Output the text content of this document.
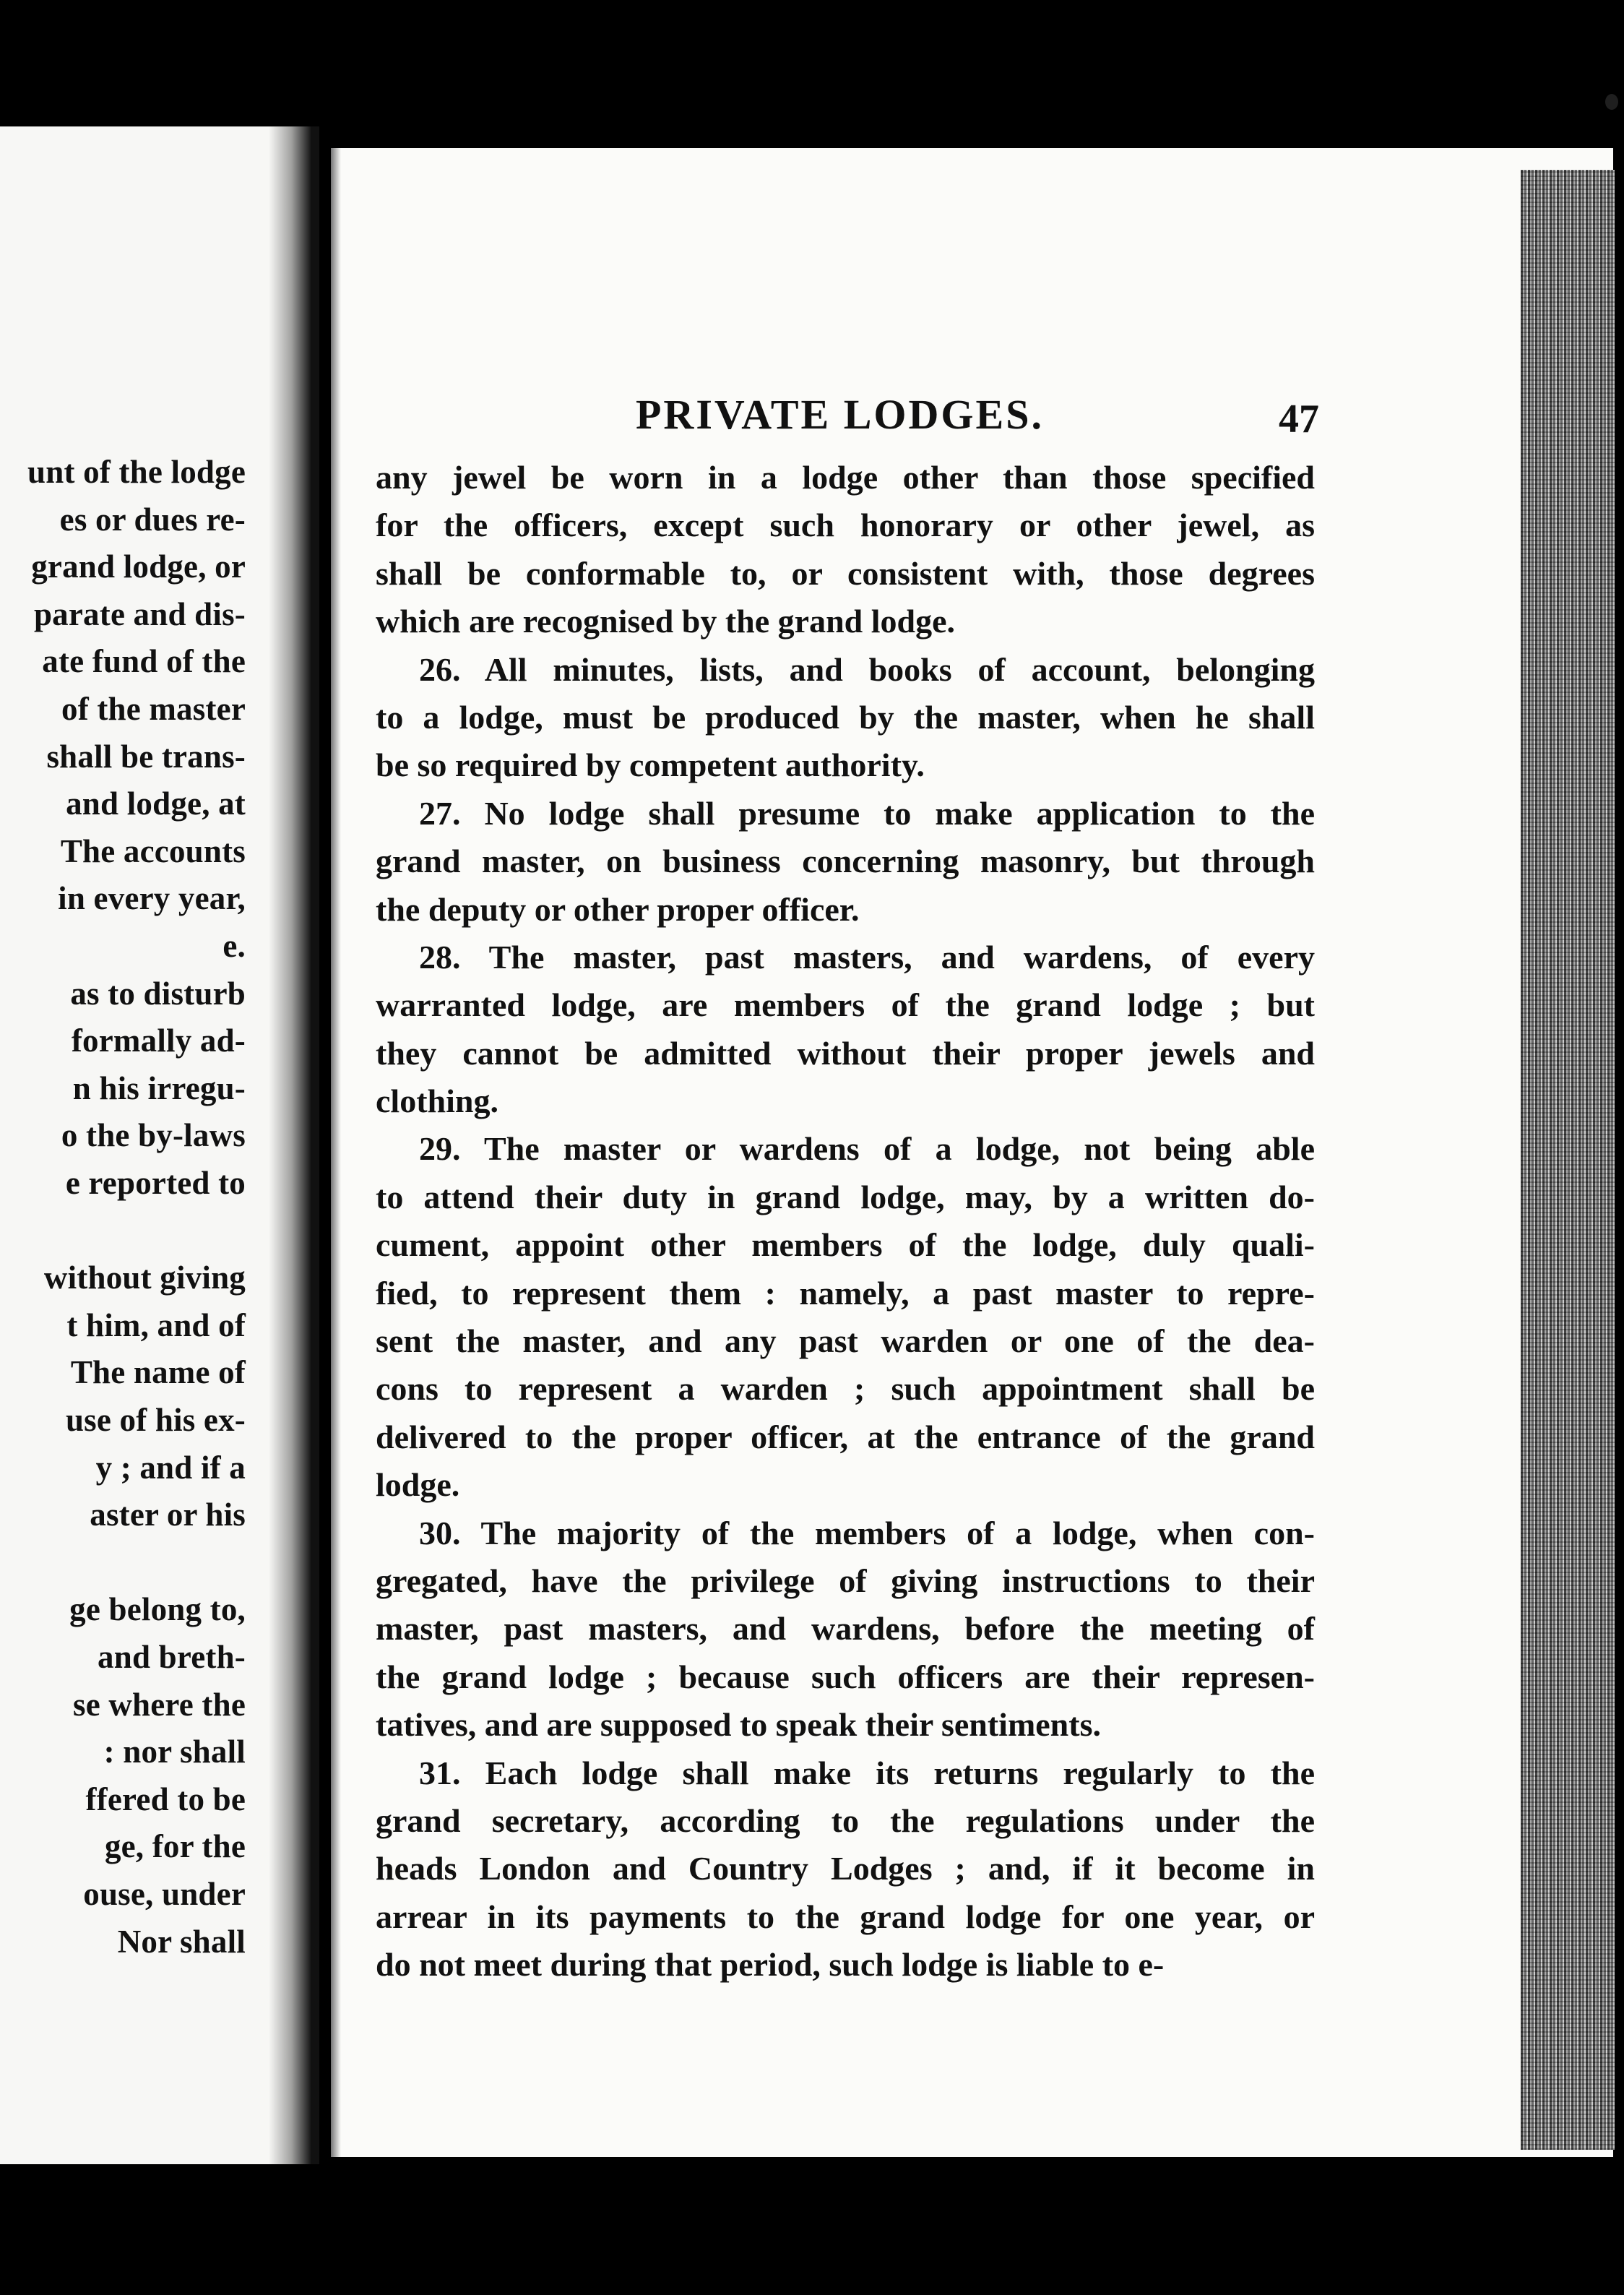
unt of the lodge
es or dues re-
grand lodge, or
parate and dis-
ate fund of the
of the master
shall be trans-
and lodge, at
The accounts
in every year,
e.
as to disturb
formally ad-
n his irregu-
o the by-laws
e reported to
without giving
t him, and of
The name of
use of his ex-
y ; and if a
aster or his
ge belong to,
and breth-
se where the
: nor shall
ffered to be
ge, for the
ouse, under
Nor shall
PRIVATE LODGES.	47
any jewel be worn in a lodge other than those specified
for the officers, except such honorary or other jewel, as
shall be conformable to, or consistent with, those degrees
which are recognised by the grand lodge.
26. All minutes, lists, and books of account, belonging
to a lodge, must be produced by the master, when he shall
be so required by competent authority.
27. No lodge shall presume to make application to the
grand master, on business concerning masonry, but through
the deputy or other proper officer.
28. The master, past masters, and wardens, of every
warranted lodge, are members of the grand lodge ; but
they cannot be admitted without their proper jewels and
clothing.
29. The master or wardens of a lodge, not being able
to attend their duty in grand lodge, may, by a written do-
cument, appoint other members of the lodge, duly quali-
fied, to represent them : namely, a past master to repre-
sent the master, and any past warden or one of the dea-
cons to represent a warden ; such appointment shall be
delivered to the proper officer, at the entrance of the grand
lodge.
30. The majority of the members of a lodge, when con-
gregated, have the privilege of giving instructions to their
master, past masters, and wardens, before the meeting of
the grand lodge ; because such officers are their represen-
tatives, and are supposed to speak their sentiments.
31. Each lodge shall make its returns regularly to the
grand secretary, according to the regulations under the
heads London and Country Lodges ; and, if it become in
arrear in its payments to the grand lodge for one year, or
do not meet during that period, such lodge is liable to e-
